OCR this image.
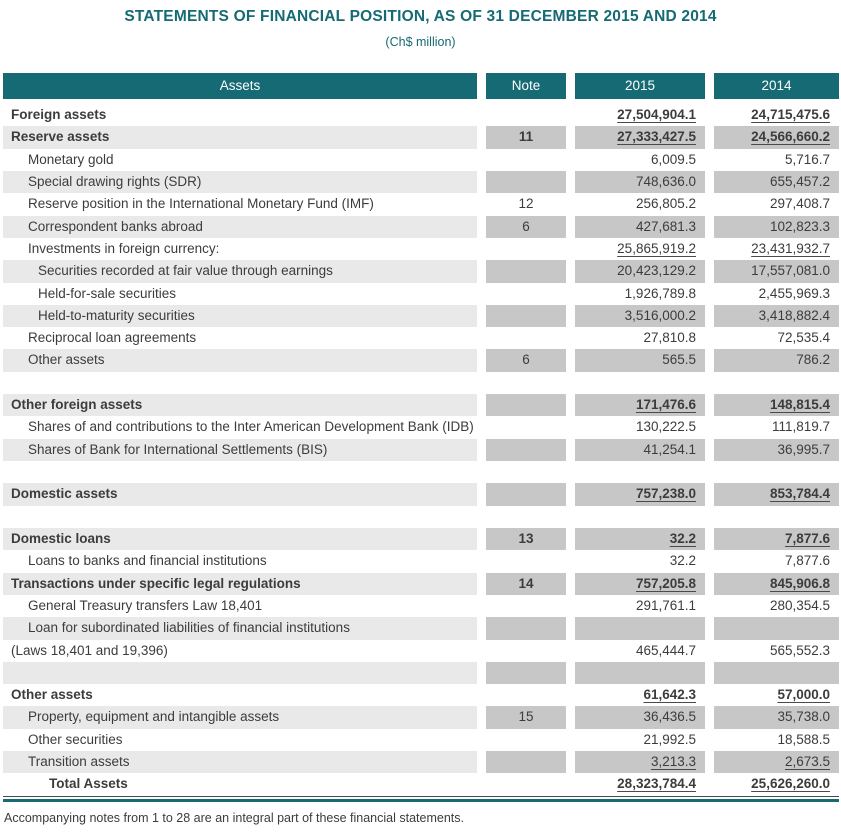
STATEMENTS OF FINANCIAL POSITION, AS OF 31 DECEMBER 2015 AND 2014
(Ch$ million)
Assets	Note	2015	2014
Foreign assets	27,504,904.1	24,715,475.6
Reserve assets	11	27,333,427.5	24,566,660.2
Monetary gold	6,009.5	5,716.7
Special drawing rights (SDR)	748,636.0	655,457.2
Reserve position in the International Monetary Fund (IMF)	12	256,805.2	297,408.7
Correspondent banks abroad	6	427,681.3	102,823.3
Investments in foreign currency:	25,865,919.2	23,431,932.7
Securities recorded at fair value through earnings	20,423,129.2	17,557,081.0
Held-for-sale securities	1,926,789.8	2,455,969.3
Held-to-maturity securities	3,516,000.2	3,418,882.4
Reciprocal loan agreements	27,810.8	72,535.4
Other assets	6	565.5	786.2
Other foreign assets	171,476.6	148,815.4
Shares of and contributions to the Inter American Development Bank (IDB)	130,222.5	111,819.7
Shares of Bank for International Settlements (BIS)	41,254.1	36,995.7
Domestic assets	757,238.0	853,784.4
Domestic loans	13	32.2	7,877.6
Loans to banks and financial institutions	32.2	7,877.6
Transactions under specific legal regulations	14	757,205.8	845,906.8
General Treasury transfers Law 18,401	291,761.1	280,354.5
Loan for subordinated liabilities of financial institutions
(Laws 18,401 and 19,396)	465,444.7	565,552.3
Other assets	61,642.3	57,000.0
Property, equipment and intangible assets	15	36,436.5	35,738.0
Other securities	21,992.5	18,588.5
Transition assets	3,213.3	2,673.5
Total Assets	28,323,784.4	25,626,260.0
Accompanying notes from 1 to 28 are an integral part of these financial statements.
